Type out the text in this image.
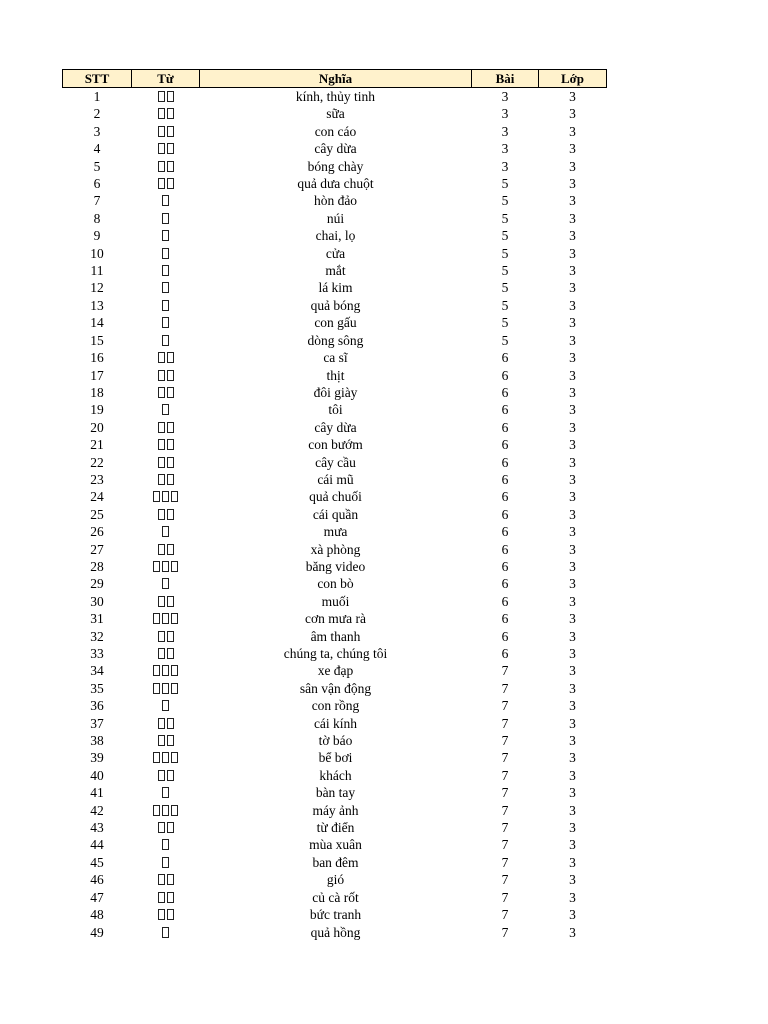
STT	Từ	Nghĩa	Bài	Lớp
1		kính, thủy tinh	3	3
2		sữa	3	3
3		con cáo	3	3
4		cây dừa	3	3
5		bóng chày	3	3
6		quả dưa chuột	5	3
7		hòn đảo	5	3
8		núi	5	3
9		chai, lọ	5	3
10		cửa	5	3
11		mắt	5	3
12		lá kim	5	3
13		quả bóng	5	3
14		con gấu	5	3
15		dòng sông	5	3
16		ca sĩ	6	3
17		thịt	6	3
18		đôi giày	6	3
19		tôi	6	3
20		cây dừa	6	3
21		con bướm	6	3
22		cây cầu	6	3
23		cái mũ	6	3
24		quả chuối	6	3
25		cái quần	6	3
26		mưa	6	3
27		xà phòng	6	3
28		băng video	6	3
29		con bò	6	3
30		muối	6	3
31		cơn mưa rà	6	3
32		âm thanh	6	3
33		chúng ta, chúng tôi	6	3
34		xe đạp	7	3
35		sân vận động	7	3
36		con rồng	7	3
37		cái kính	7	3
38		tờ báo	7	3
39		bể bơi	7	3
40		khách	7	3
41		bàn tay	7	3
42		máy ảnh	7	3
43		từ điển	7	3
44		mùa xuân	7	3
45		ban đêm	7	3
46		gió	7	3
47		củ cà rốt	7	3
48		bức tranh	7	3
49		quả hồng	7	3
